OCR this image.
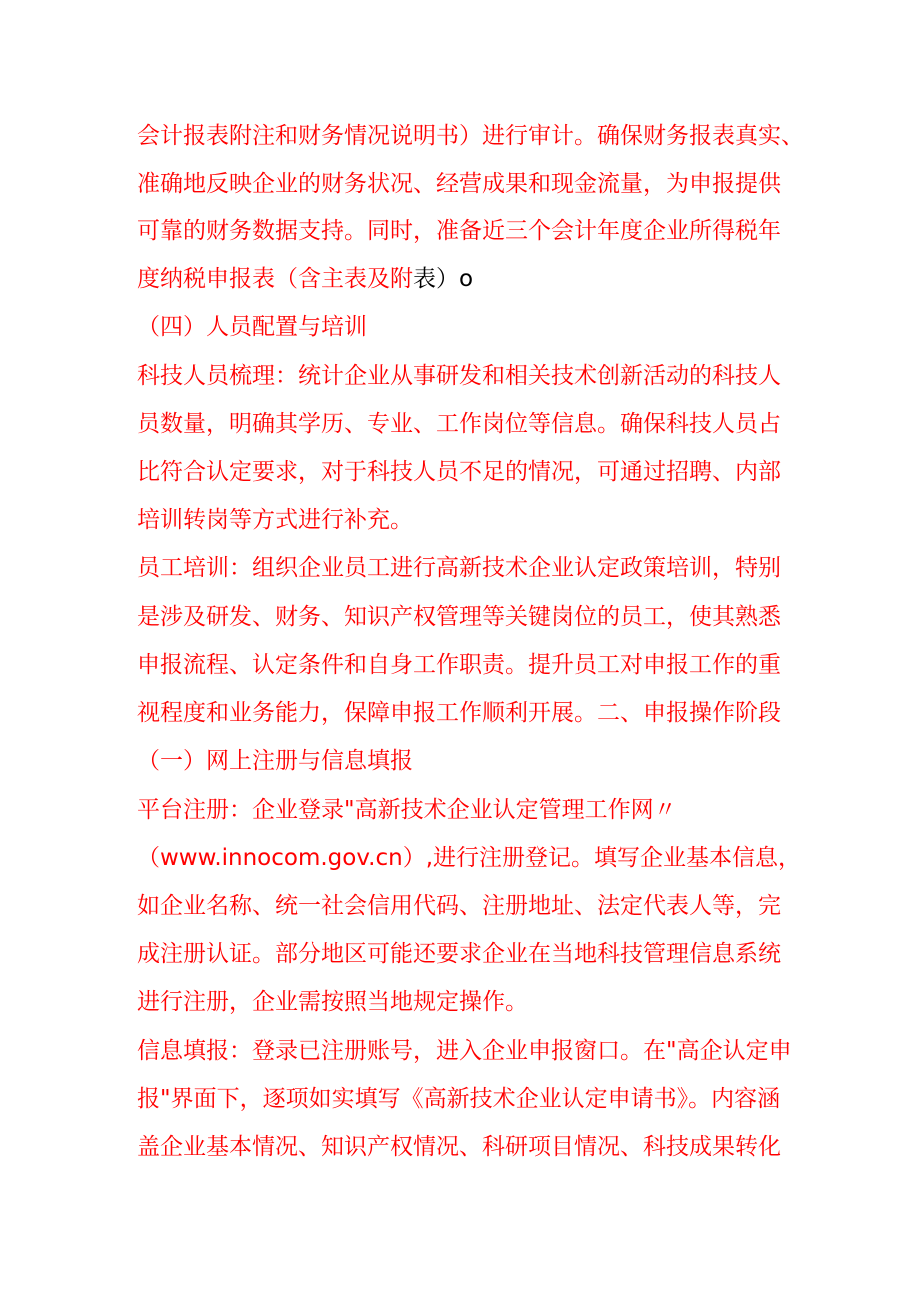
会计报表附注和财务情况说明书）进行审计。确保财务报表真实、

准确地反映企业的财务状况、经营成果和现金流量，为申报提供

可靠的财务数据支持。同时，准备近三个会计年度企业所得税年

度纳税申报表（含主表及附表）o

（四）人员配置与培训

科技人员梳理：统计企业从事研发和相关技术创新活动的科技人

员数量，明确其学历、专业、工作岗位等信息。确保科技人员占

比符合认定要求，对于科技人员不足的情况，可通过招聘、内部

培训转岗等方式进行补充。

员工培训：组织企业员工进行高新技术企业认定政策培训，特别

是涉及研发、财务、知识产权管理等关键岗位的员工，使其熟悉

申报流程、认定条件和自身工作职责。提升员工对申报工作的重

视程度和业务能力，保障申报工作顺利开展。二、申报操作阶段

（一）网上注册与信息填报

平台注册：企业登录"高新技术企业认定管理工作网〃

（www.innocom.gov.cn）,进行注册登记。填写企业基本信息，

如企业名称、统一社会信用代码、注册地址、法定代表人等，完

成注册认证。部分地区可能还要求企业在当地科技管理信息系统

进行注册，企业需按照当地规定操作。

信息填报：登录已注册账号，进入企业申报窗口。在"高企认定申

报"界面下，逐项如实填写《高新技术企业认定申请书》。内容涵

盖企业基本情况、知识产权情况、科研项目情况、科技成果转化
